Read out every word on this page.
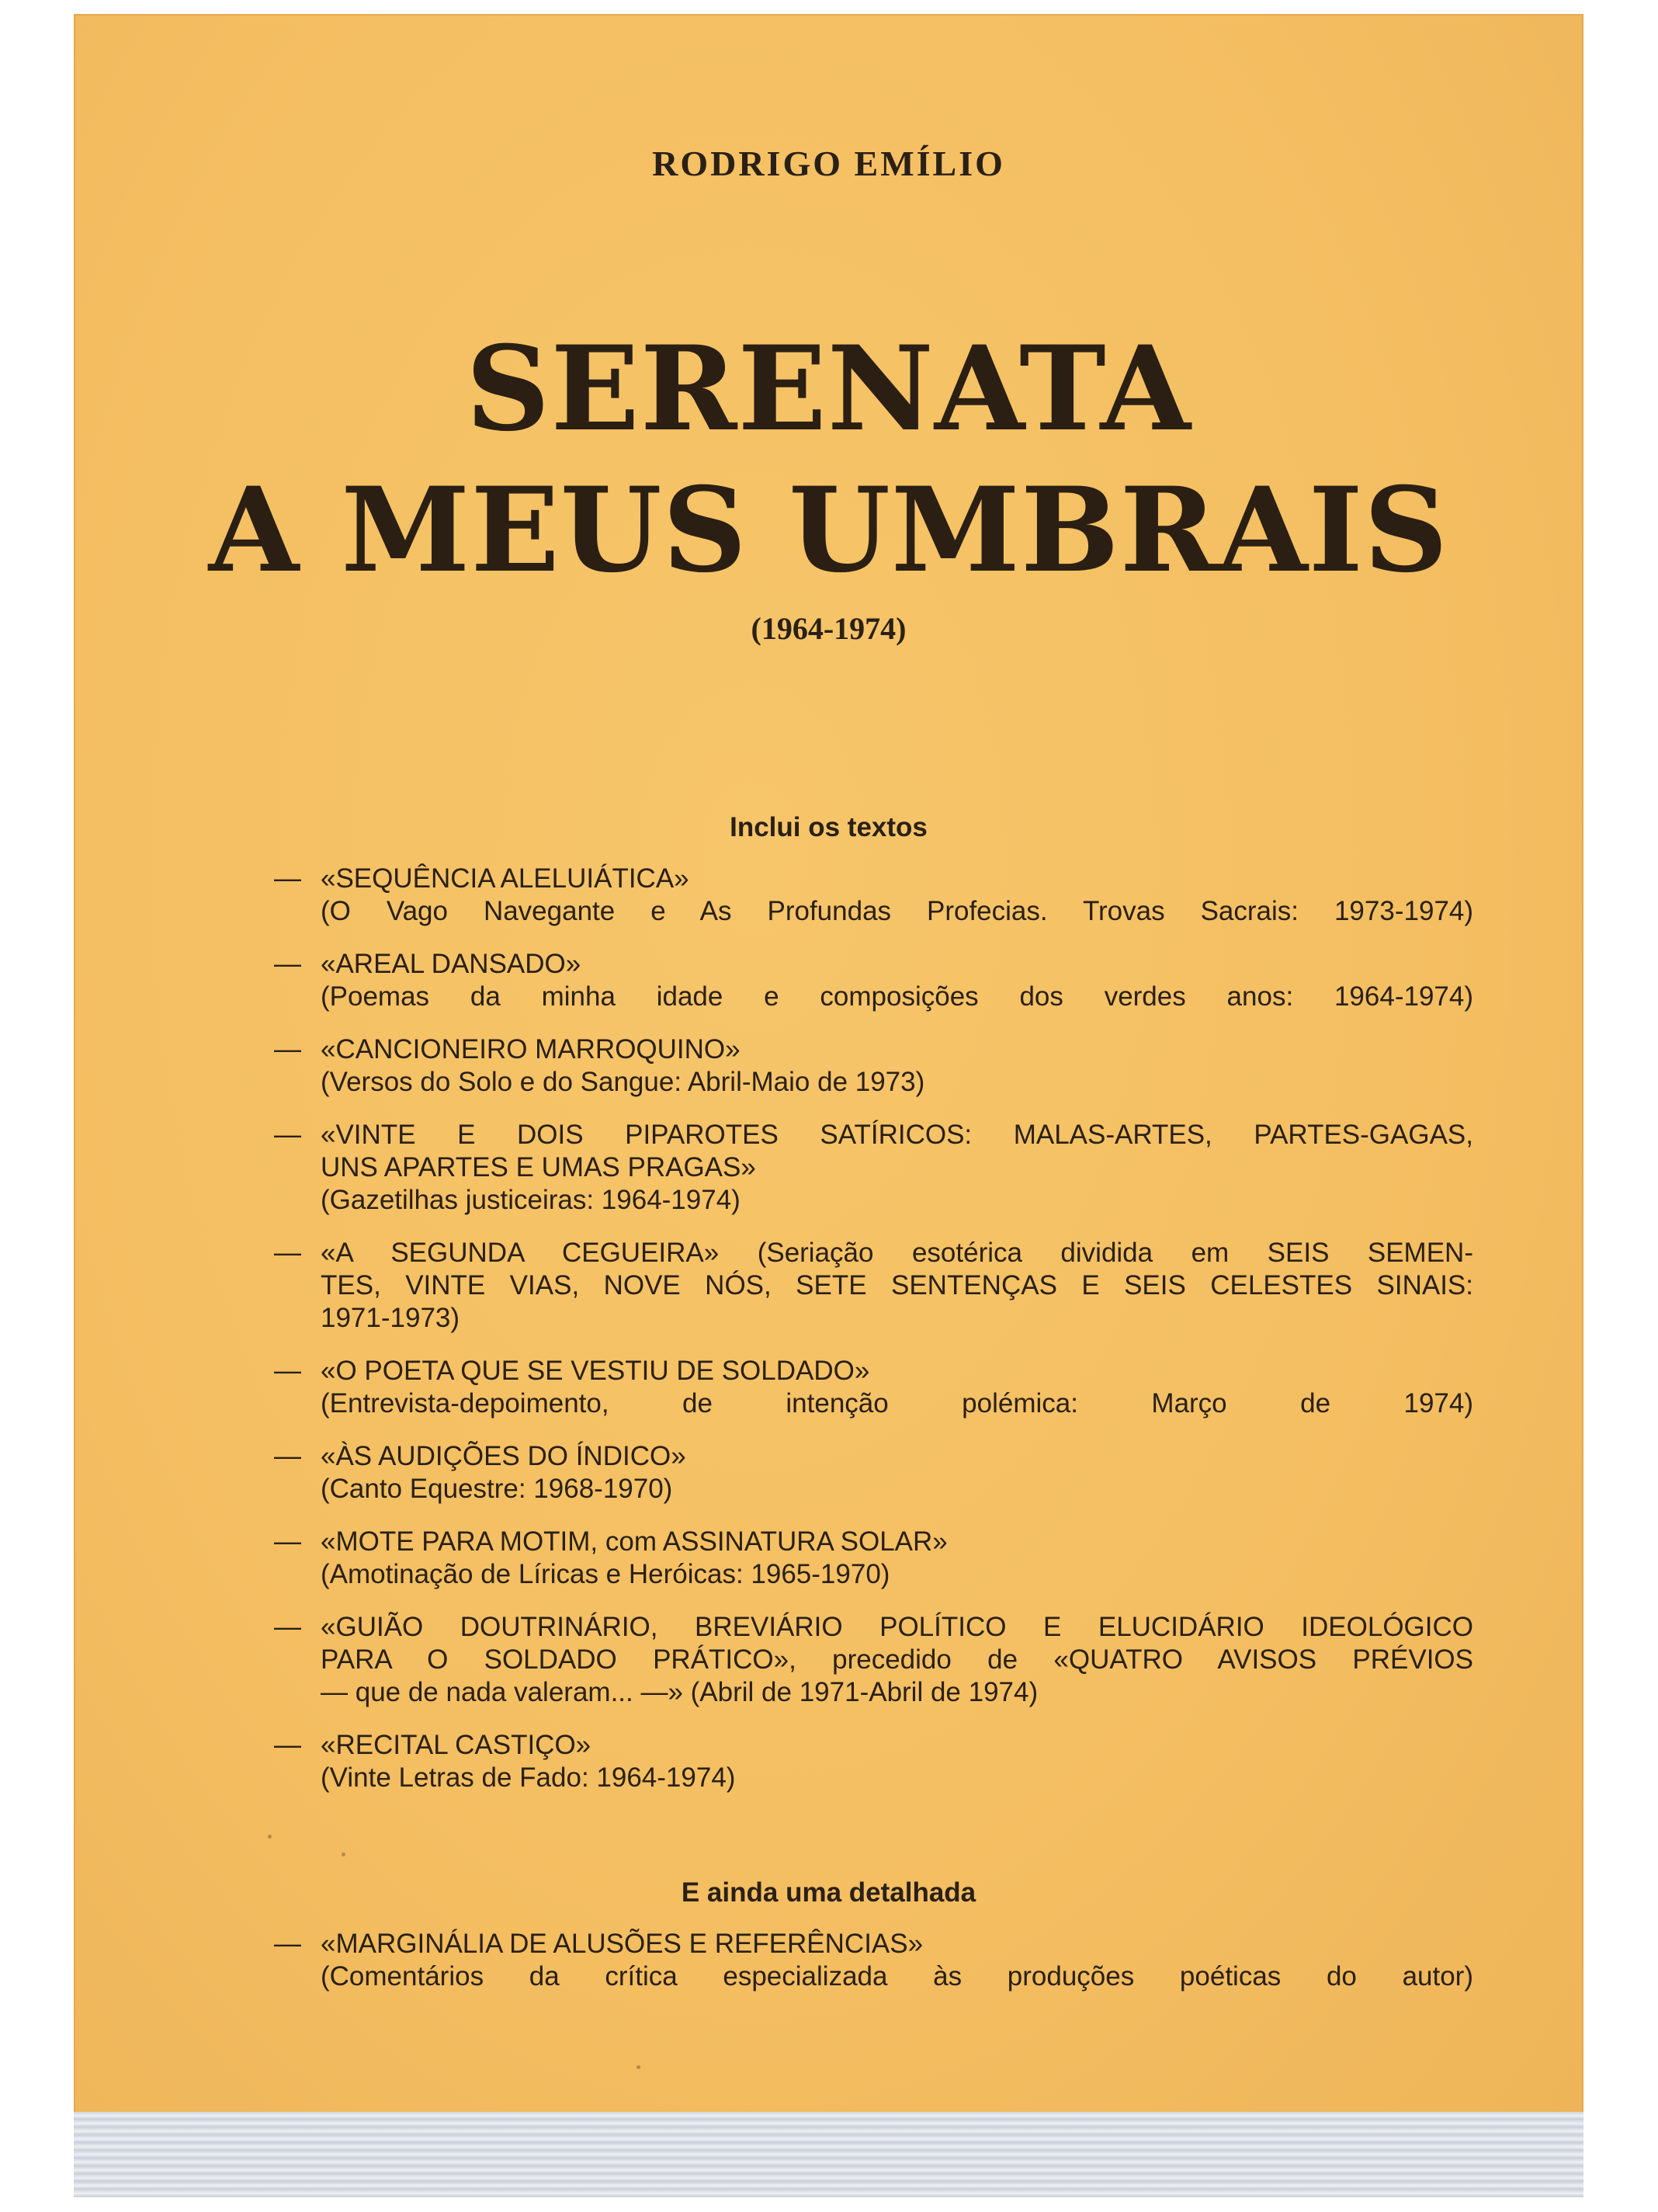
RODRIGO EMÍLIO
SERENATA
A MEUS UMBRAIS
(1964-1974)
Inclui os textos
— «SEQUÊNCIA ALELUIÁTICA»
(O Vago Navegante e As Profundas Profecias. Trovas Sacrais: 1973-1974)
— «AREAL DANSADO»
(Poemas da minha idade e composições dos verdes anos: 1964-1974)
— «CANCIONEIRO MARROQUINO»
(Versos do Solo e do Sangue: Abril-Maio de 1973)
— «VINTE E DOIS PIPAROTES SATÍRICOS: MALAS-ARTES, PARTES-GAGAS,
UNS APARTES E UMAS PRAGAS»
(Gazetilhas justiceiras: 1964-1974)
— «A SEGUNDA CEGUEIRA» (Seriação esotérica dividida em SEIS SEMEN-
TES, VINTE VIAS, NOVE NÓS, SETE SENTENÇAS E SEIS CELESTES SINAIS:
1971-1973)
— «O POETA QUE SE VESTIU DE SOLDADO»
(Entrevista-depoimento, de intenção polémica: Março de 1974)
— «ÀS AUDIÇÕES DO ÍNDICO»
(Canto Equestre: 1968-1970)
— «MOTE PARA MOTIM, com ASSINATURA SOLAR»
(Amotinação de Líricas e Heróicas: 1965-1970)
— «GUIÃO DOUTRINÁRIO, BREVIÁRIO POLÍTICO E ELUCIDÁRIO IDEOLÓGICO
PARA O SOLDADO PRÁTICO», precedido de «QUATRO AVISOS PRÉVIOS
— que de nada valeram... —» (Abril de 1971-Abril de 1974)
— «RECITAL CASTIÇO»
(Vinte Letras de Fado: 1964-1974)
E ainda uma detalhada
— «MARGINÁLIA DE ALUSÕES E REFERÊNCIAS»
(Comentários da crítica especializada às produções poéticas do autor)
